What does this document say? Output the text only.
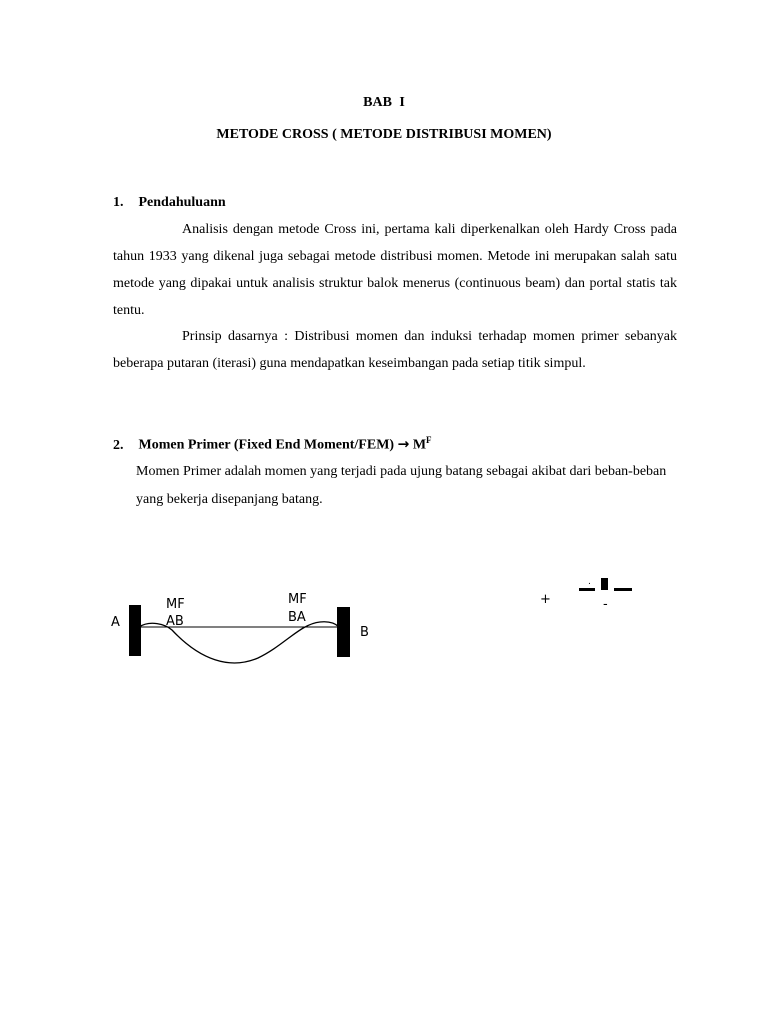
BAB I
METODE CROSS ( METODE DISTRIBUSI MOMEN)
1. Pendahuluann

Analisis dengan metode Cross ini, pertama kali diperkenalkan oleh Hardy Cross pada tahun 1933 yang dikenal juga sebagai metode distribusi momen. Metode ini merupakan salah satu metode yang dipakai untuk analisis struktur balok menerus (continuous beam) dan portal statis tak tentu.

Prinsip dasarnya : Distribusi momen dan induksi terhadap momen primer sebanyak beberapa putaran (iterasi) guna mendapatkan keseimbangan pada setiap titik simpul.

2. Momen Primer (Fixed End Moment/FEM) → $M^F$

Momen Primer adalah momen yang terjadi pada ujung batang sebagai akibat dari beban-beban yang bekerja disepanjang batang.

A
B
MF
AB
MF
BA
+	-
.
